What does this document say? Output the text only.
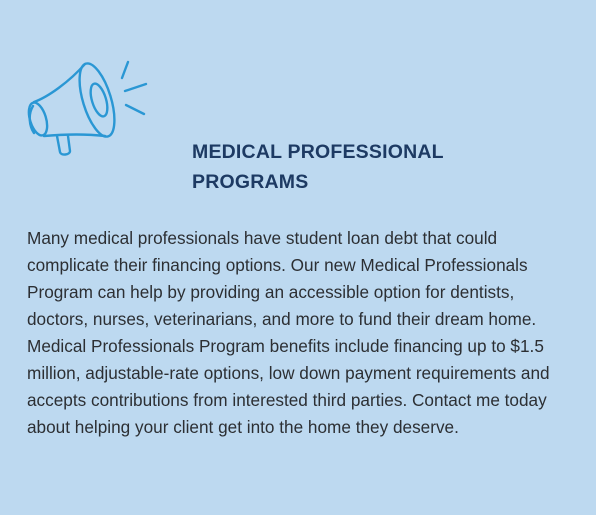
MEDICAL PROFESSIONAL
PROGRAMS

Many medical professionals have student loan debt that could complicate their financing options. Our new Medical Professionals Program can help by providing an accessible option for dentists, doctors, nurses, veterinarians, and more to fund their dream home. Medical Professionals Program benefits include financing up to $1.5 million, adjustable-rate options, low down payment requirements and accepts contributions from interested third parties. Contact me today about helping your client get into the home they deserve.
